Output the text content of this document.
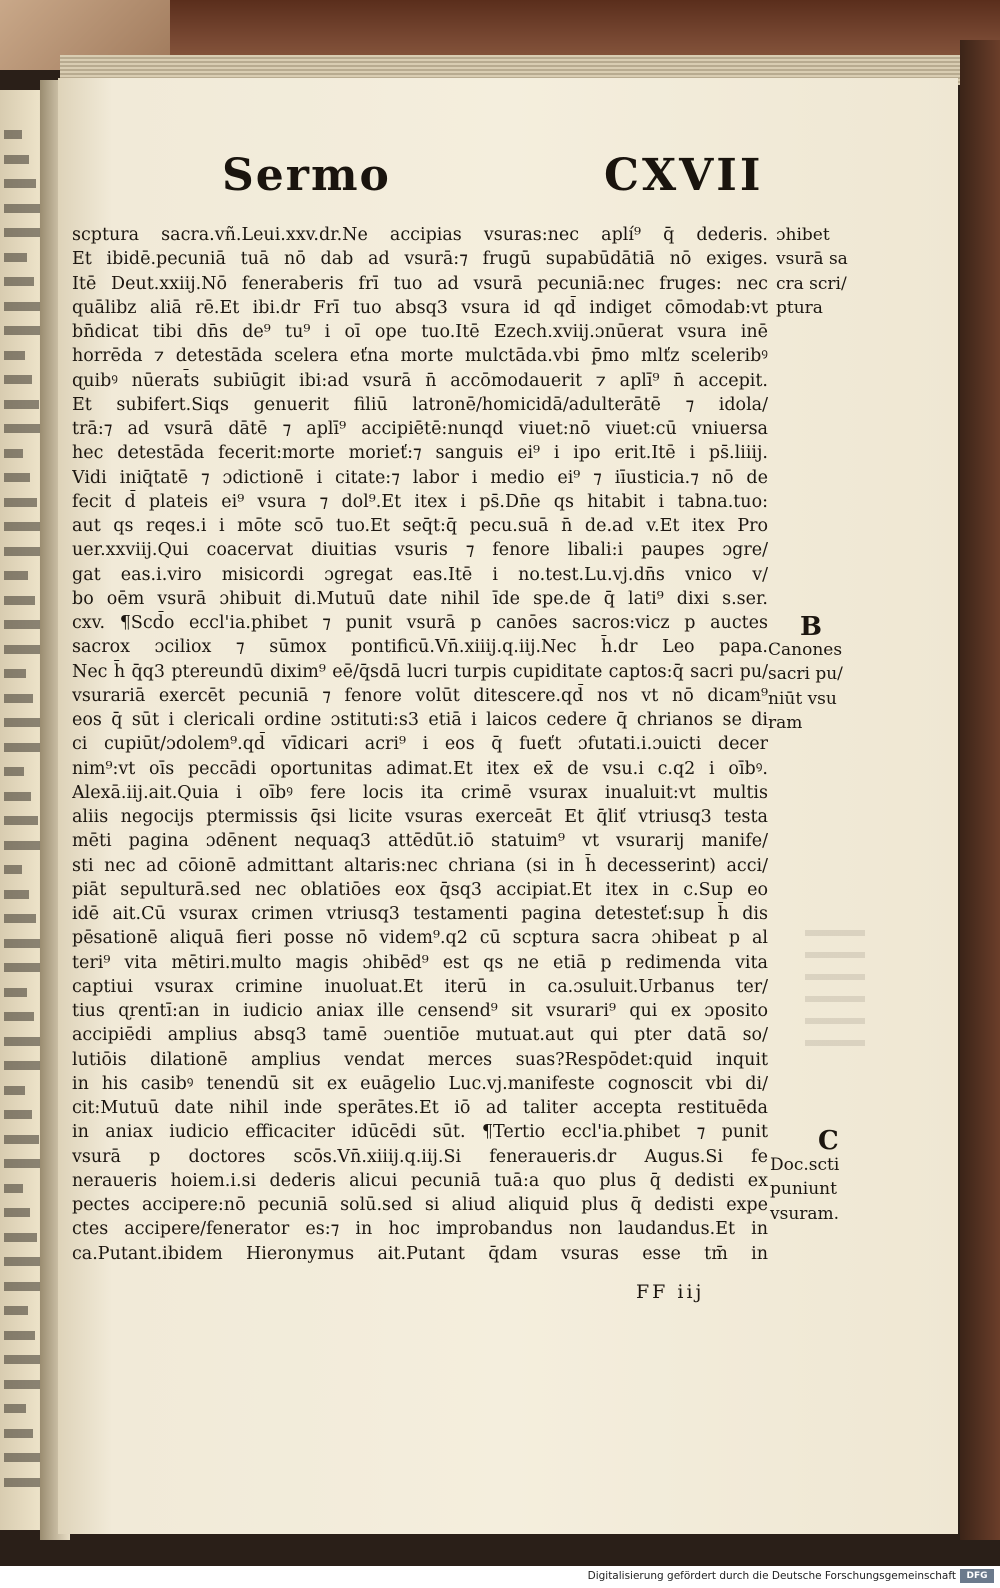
Sermo	CXVII
scptura sacra.vñ.Leui.xxv.dr.Ne accipias vsuras:nec aplí⁹ q̄ dederis.
Et ibidē.pecuniā tuā nō dab ad vsurā:⁊ frugū supabūdātiā nō exiges.
Itē Deut.xxiij.Nō feneraberis frī tuo ad vsurā pecuniā:nec fruges: nec
quālibz aliā rē.Et ibi.dr Frī tuo absq3 vsura id qd̄ indiget cōmodab:vt
bn̄dicat tibi dn̄s de⁹ tu⁹ i oī ope tuo.Itē Ezech.xviij.ɔnūerat vsura inē
horrēda ⁊ detestāda scelera eťna morte mulctāda.vbi p̄mo mlťz sceleribꝰ
ɋuibꝰ nūerat̄s subiūgit ibi:ad vsurā n̄ accōmodauerit ⁊ aplī⁹ n̄ accepit.
Et subifert.Siqs genuerit filiū latronē/homicidā/adulterātē ⁊ idola/
trā:⁊ ad vsurā dātē ⁊ aplī⁹ accipiētē:nunqd viuet:nō viuet:cū vniuersa
hec detestāda fecerit:morte morieť:⁊ sanguis ei⁹ i ipo erit.Itē i ps̄.liiij.
Vidi iniq̄tatē ⁊ ɔdictionē i citate:⁊ labor i medio ei⁹ ⁊ iīusticia.⁊ nō de
fecit d̄ plateis ei⁹ vsura ⁊ dol⁹.Et itex i ps̄.Dn̄e qs hitabit i tabna.tuo:
aut qs reqes.i i mōte scō tuo.Et seq̄t:q̄ pecu.suā n̄ de.ad v.Et itex Pro
uer.xxviij.Qui coacervat diuitias vsuris ⁊ fenore libali:i paupes ɔgre/
gat eas.i.viro misicordi ɔgregat eas.Itē i no.test.Lu.vj.dn̄s vnico v/
bo oēm vsurā ɔhibuit di.Mutuū date nihil īde spe.de q̄ lati⁹ dixi s.ser.
cxv. ¶Scd̄o eccl'ia.phibet ⁊ punit vsurā p canōes sacros:vicz p auctes
sacrox ɔciliox ⁊ sūmox pontificū.Vn̄.xiiij.q.iij.Nec h̄.dr Leo papa.
Nec h̄ q̄q3 ptereundū dixim⁹ eē/q̄sdā lucri turpis cupiditate captos:q̄ sacri pu/
vsurariā exercēt pecuniā ⁊ fenore volūt ditescere.qd̄ nos vt nō dicam⁹
eos q̄ sūt i clericali ordine ɔstituti:s3 etiā i laicos cedere q̄ chrianos se di
ci cupiūt/ɔdolem⁹.qd̄ vīdicari acri⁹ i eos q̄ fueťt ɔfutati.i.ɔuicti decer
nim⁹:vt oīs peccādi oportunitas adimat.Et itex ex̄ de vsu.i c.q2 i oībꝰ.
Alexā.iij.ait.Quia i oībꝰ fere locis ita crimē vsurax inualuit:vt multis
aliis negocijs ptermissis q̄si licite vsuras exerceāt Et q̄liť vtriusq3 testa
mēti pagina ɔdēnent nequaq3 attēdūt.iō statuim⁹ vt vsurarij manife/
sti nec ad cōionē admittant altaris:nec chriana (si in h̄ decesserint) acci/
piāt sepulturā.sed nec oblatiōes eox q̄sq3 accipiat.Et itex in c.Sup eo
idē ait.Cū vsurax crimen vtriusq3 testamenti pagina detesteť:sup h̄ dis
pēsationē aliquā fieri posse nō videm⁹.q2 cū scptura sacra ɔhibeat p al
teri⁹ vita mētiri.multo magis ɔhibēd⁹ est qs ne etiā p redimenda vita
captiui vsurax crimine inuoluat.Et iterū in ca.ɔsuluit.Urbanus ter/
tius ɋrentī:an in iudicio aniax ille censend⁹ sit vsurari⁹ qui ex ɔposito
accipiēdi amplius absq3 tamē ɔuentiōe mutuat.aut qui pter datā so/
lutiōis dilationē amplius vendat merces suas?Respōdet:quid inquit
in his casibꝰ tenendū sit ex euāgelio Luc.vj.manifeste cognoscit vbi di/
cit:Mutuū date nihil inde sperātes.Et iō ad taliter accepta restituēda
in aniax iudicio efficaciter idūcēdi sūt. ¶Tertio eccl'ia.phibet ⁊ punit
vsurā p doctores scōs.Vn̄.xiiij.q.iij.Si feneraueris.dr Augus.Si fe
neraueris hoiem.i.si dederis alicui pecuniā tuā:a quo plus q̄ dedisti ex
pectes accipere:nō pecuniā solū.sed si aliud aliquid plus q̄ dedisti expe
ctes accipere/fenerator es:⁊ in hoc improbandus non laudandus.Et in
ca.Putant.ibidem Hieronymus ait.Putant q̄dam vsuras esse tm̄ in
ɔhibet
vsurā sa
cra scri/
ptura
B
Canones
sacri pu/
niūt vsu
ram
C
Doc.scti
puniunt
vsuram.
FF iij
Digitalisierung gefördert durch die Deutsche Forschungsgemeinschaft	DFG
